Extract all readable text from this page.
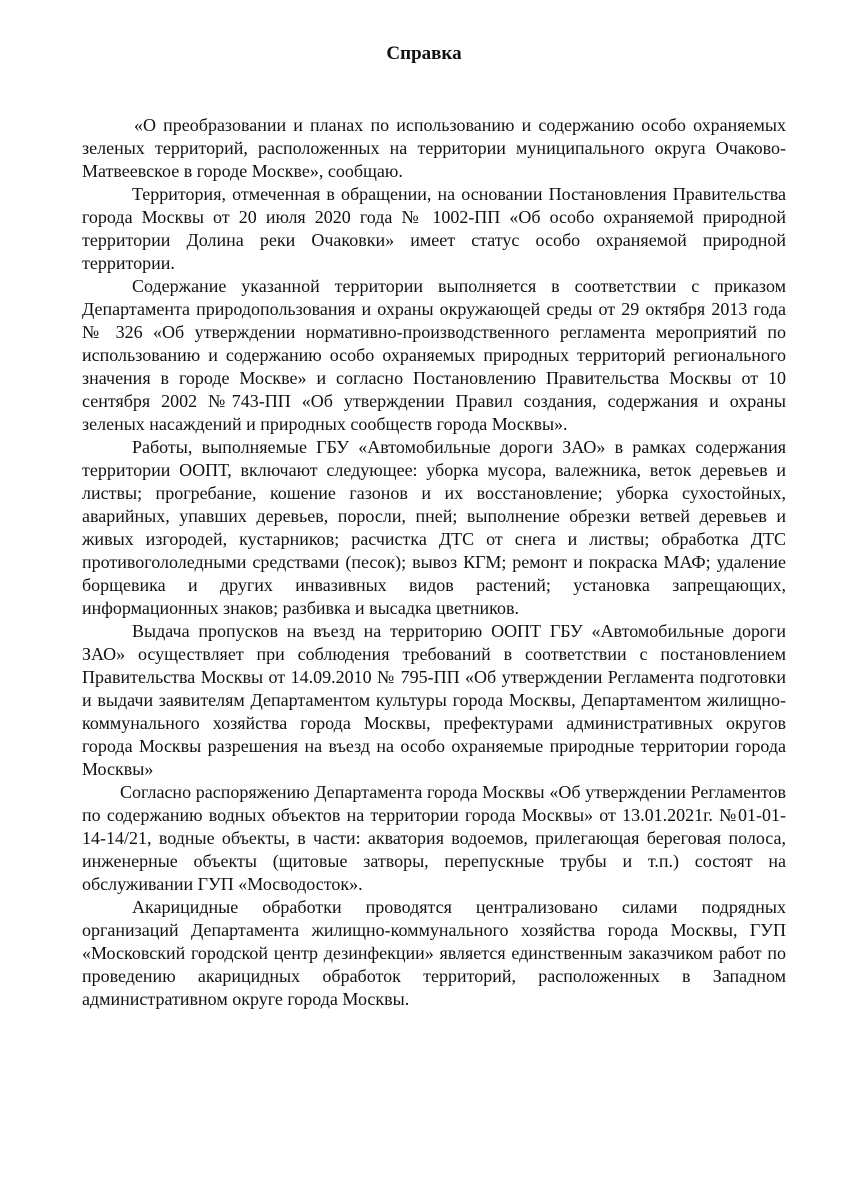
Справка

«О преобразовании и планах по использованию и содержанию особо охраняемых зеленых территорий, расположенных на территории муниципального округа Очаково-Матвеевское в городе Москве», сообщаю.

Территория, отмеченная в обращении, на основании Постановления Правительства города Москвы от 20 июля 2020 года № 1002-ПП «Об особо охраняемой природной территории Долина реки Очаковки» имеет статус особо охраняемой природной территории.

Содержание указанной территории выполняется в соответствии с приказом Департамента природопользования и охраны окружающей среды от 29 октября 2013 года № 326 «Об утверждении нормативно-производственного регламента мероприятий по использованию и содержанию особо охраняемых природных территорий регионального значения в городе Москве» и согласно Постановлению Правительства Москвы от 10 сентября 2002 №743-ПП «Об утверждении Правил создания, содержания и охраны зеленых насаждений и природных сообществ города Москвы».

Работы, выполняемые ГБУ «Автомобильные дороги ЗАО» в рамках содержания территории ООПТ, включают следующее: уборка мусора, валежника, веток деревьев и листвы; прогребание, кошение газонов и их восстановление; уборка сухостойных, аварийных, упавших деревьев, поросли, пней; выполнение обрезки ветвей деревьев и живых изгородей, кустарников; расчистка ДТС от снега и листвы; обработка ДТС противогололедными средствами (песок); вывоз КГМ; ремонт и покраска МАФ; удаление борщевика и других инвазивных видов растений; установка запрещающих, информационных знаков; разбивка и высадка цветников.

Выдача пропусков на въезд на территорию ООПТ ГБУ «Автомобильные дороги ЗАО» осуществляет при соблюдения требований в соответствии с постановлением Правительства Москвы от 14.09.2010 № 795-ПП «Об утверждении Регламента подготовки и выдачи заявителям Департаментом культуры города Москвы, Департаментом жилищно-коммунального хозяйства города Москвы, префектурами административных округов города Москвы разрешения на въезд на особо охраняемые природные территории города Москвы»

Согласно распоряжению Департамента города Москвы «Об утверждении Регламентов по содержанию водных объектов на территории города Москвы» от 13.01.2021г. №01-01-14-14/21, водные объекты, в части: акватория водоемов, прилегающая береговая полоса, инженерные объекты (щитовые затворы, перепускные трубы и т.п.) состоят на обслуживании ГУП «Мосводосток».

Акарицидные обработки проводятся централизовано силами подрядных организаций Департамента жилищно-коммунального хозяйства города Москвы, ГУП «Московский городской центр дезинфекции» является единственным заказчиком работ по проведению акарицидных обработок территорий, расположенных в Западном административном округе города Москвы.
